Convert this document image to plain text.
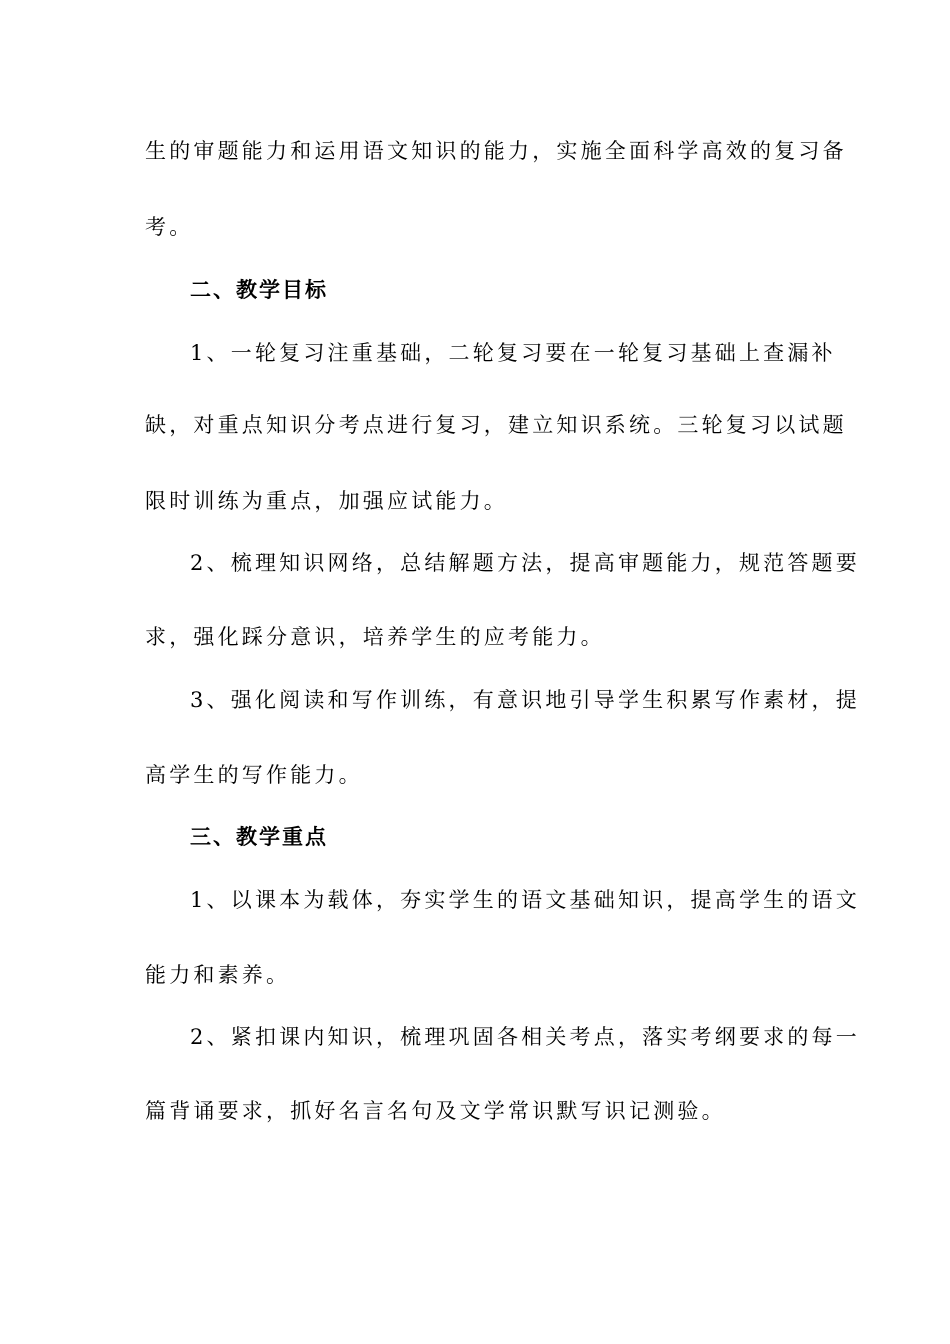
生的审题能力和运用语文知识的能力，实施全面科学高效的复习备
考。
二、教学目标
1、一轮复习注重基础，二轮复习要在一轮复习基础上查漏补
缺，对重点知识分考点进行复习，建立知识系统。三轮复习以试题
限时训练为重点，加强应试能力。
2、梳理知识网络，总结解题方法，提高审题能力，规范答题要
求，强化踩分意识，培养学生的应考能力。
3、强化阅读和写作训练，有意识地引导学生积累写作素材，提
高学生的写作能力。
三、教学重点
1、以课本为载体，夯实学生的语文基础知识，提高学生的语文
能力和素养。
2、紧扣课内知识，梳理巩固各相关考点，落实考纲要求的每一
篇背诵要求，抓好名言名句及文学常识默写识记测验。
